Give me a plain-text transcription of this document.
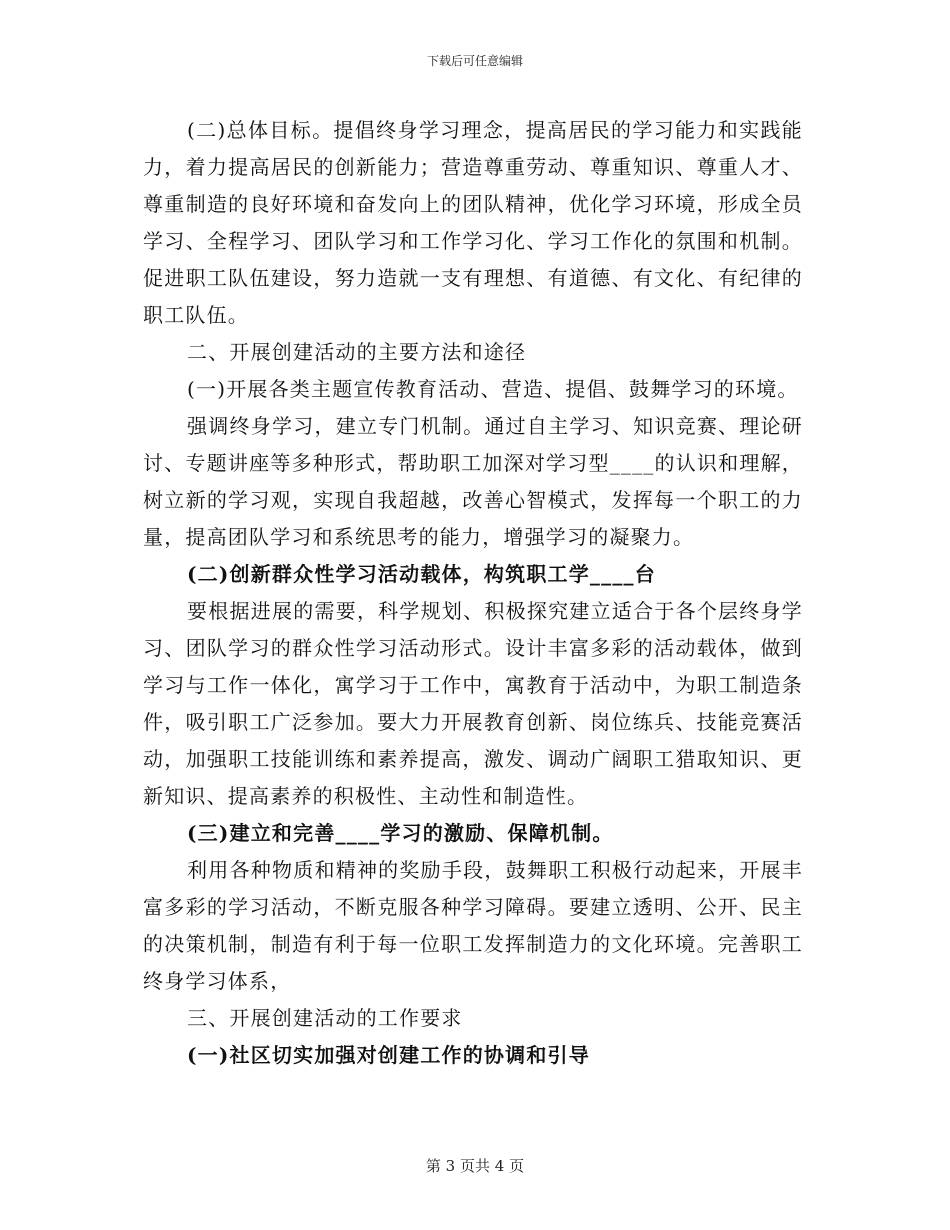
下载后可任意编辑

(二)总体目标。提倡终身学习理念，提高居民的学习能力和实践能力，着力提高居民的创新能力；营造尊重劳动、尊重知识、尊重人才、尊重制造的良好环境和奋发向上的团队精神，优化学习环境，形成全员学习、全程学习、团队学习和工作学习化、学习工作化的氛围和机制。促进职工队伍建设，努力造就一支有理想、有道德、有文化、有纪律的职工队伍。

二、开展创建活动的主要方法和途径

(一)开展各类主题宣传教育活动、营造、提倡、鼓舞学习的环境。

强调终身学习，建立专门机制。通过自主学习、知识竞赛、理论研讨、专题讲座等多种形式，帮助职工加深对学习型____的认识和理解，树立新的学习观，实现自我超越，改善心智模式，发挥每一个职工的力量，提高团队学习和系统思考的能力，增强学习的凝聚力。

(二)创新群众性学习活动载体，构筑职工学____台

要根据进展的需要，科学规划、积极探究建立适合于各个层终身学习、团队学习的群众性学习活动形式。设计丰富多彩的活动载体，做到学习与工作一体化，寓学习于工作中，寓教育于活动中，为职工制造条件，吸引职工广泛参加。要大力开展教育创新、岗位练兵、技能竞赛活动，加强职工技能训练和素养提高，激发、调动广阔职工猎取知识、更新知识、提高素养的积极性、主动性和制造性。

(三)建立和完善____学习的激励、保障机制。

利用各种物质和精神的奖励手段，鼓舞职工积极行动起来，开展丰富多彩的学习活动，不断克服各种学习障碍。要建立透明、公开、民主的决策机制，制造有利于每一位职工发挥制造力的文化环境。完善职工终身学习体系，

三、开展创建活动的工作要求

(一)社区切实加强对创建工作的协调和引导

第 3 页共 4 页
